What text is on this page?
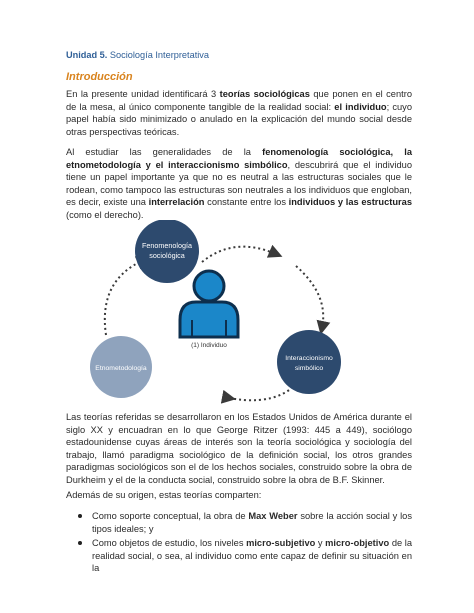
Unidad 5. Sociología Interpretativa
Introducción

En la presente unidad identificará 3 teorías sociológicas que ponen en el centro de la mesa, al único componente tangible de la realidad social: el individuo; cuyo papel había sido minimizado o anulado en la explicación del mundo social desde otras perspectivas teóricas.

Al estudiar las generalidades de la fenomenología sociológica, la etnometodología y el interaccionismo simbólico, descubrirá que el individuo tiene un papel importante ya que no es neutral a las estructuras sociales que le rodean, como tampoco las estructuras son neutrales a los individuos que engloban, es decir, existe una interrelación constante entre los individuos y las estructuras (como el derecho).

Fenomenología
sociológica
(1) Individuo
Etnometodología
Interaccionismo
simbólico

Las teorías referidas se desarrollaron en los Estados Unidos de América durante el siglo XX y encuadran en lo que George Ritzer (1993: 445 a 449), sociólogo estadounidense cuyas áreas de interés son la teoría sociológica y sociología del trabajo, llamó paradigma sociológico de la definición social, los otros grandes paradigmas sociológicos son el de los hechos sociales, construido sobre la obra de Durkheim y el de la conducta social, construido sobre la obra de B.F. Skinner.

Además de su origen, estas teorías comparten:

Como soporte conceptual, la obra de Max Weber sobre la acción social y los tipos ideales; y
Como objetos de estudio, los niveles micro-subjetivo y micro-objetivo de la realidad social, o sea, al individuo como ente capaz de definir su situación en la
